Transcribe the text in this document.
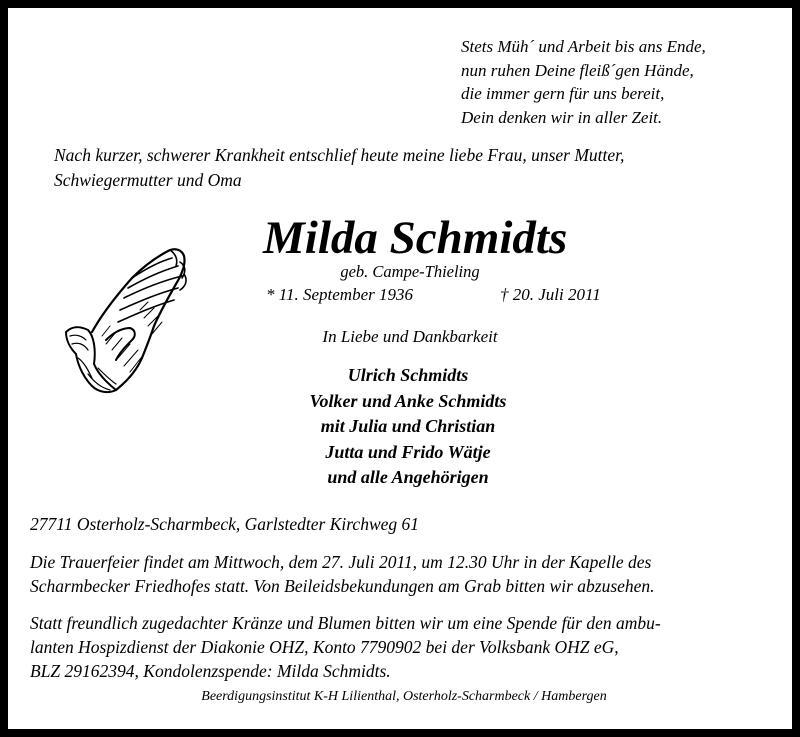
Stets Müh´ und Arbeit bis ans Ende,
nun ruhen Deine fleiß´gen Hände,
die immer gern für uns bereit,
Dein denken wir in aller Zeit.
Nach kurzer, schwerer Krankheit entschlief heute meine liebe Frau, unser Mutter,
Schwiegermutter und Oma
Milda Schmidts
geb. Campe-Thieling
* 11. September 1936	† 20. Juli 2011
In Liebe und Dankbarkeit
Ulrich Schmidts
Volker und Anke Schmidts
mit Julia und Christian
Jutta und Frido Wätje
und alle Angehörigen
27711 Osterholz-Scharmbeck, Garlstedter Kirchweg 61
Die Trauerfeier findet am Mittwoch, dem 27. Juli 2011, um 12.30 Uhr in der Kapelle des
Scharmbecker Friedhofes statt. Von Beileidsbekundungen am Grab bitten wir abzusehen.
Statt freundlich zugedachter Kränze und Blumen bitten wir um eine Spende für den ambu-
lanten Hospizdienst der Diakonie OHZ, Konto 7790902 bei der Volksbank OHZ eG,
BLZ 29162394, Kondolenzspende: Milda Schmidts.
Beerdigungsinstitut K-H Lilienthal, Osterholz-Scharmbeck / Hambergen
